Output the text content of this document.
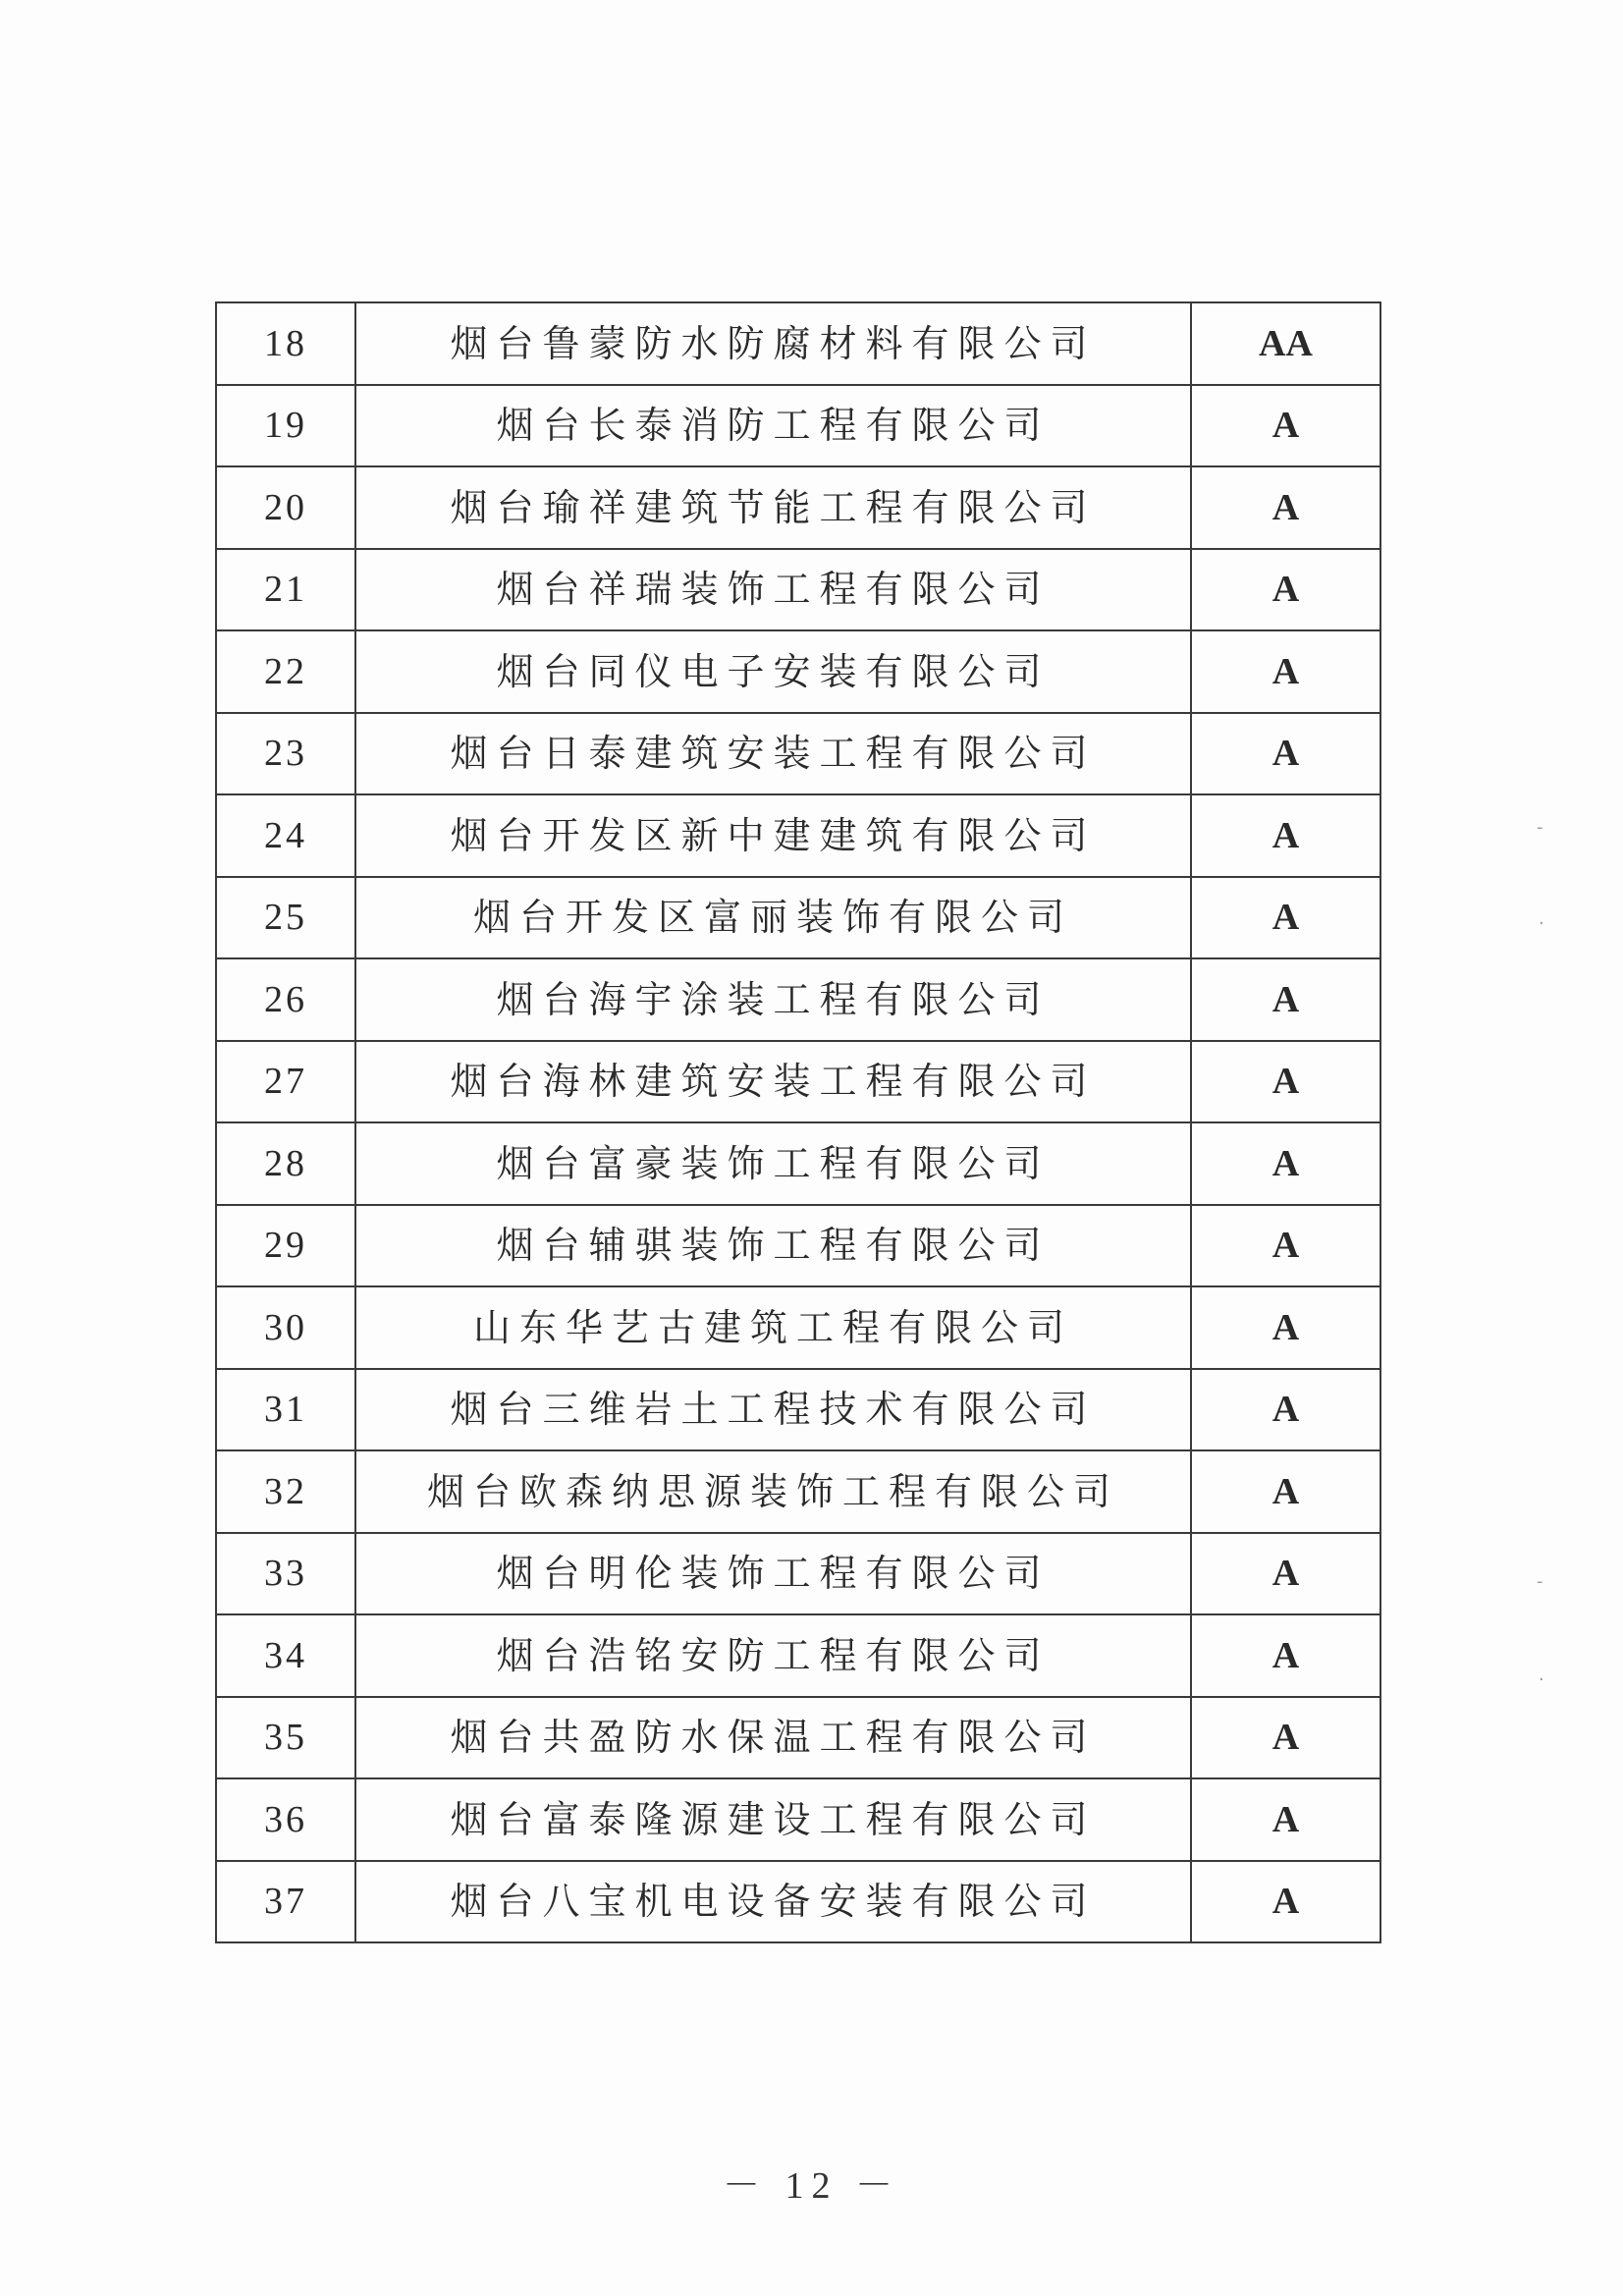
18	烟台鲁蒙防水防腐材料有限公司	AA
19	烟台长泰消防工程有限公司	A
20	烟台瑜祥建筑节能工程有限公司	A
21	烟台祥瑞装饰工程有限公司	A
22	烟台同仪电子安装有限公司	A
23	烟台日泰建筑安装工程有限公司	A
24	烟台开发区新中建建筑有限公司	A
25	烟台开发区富丽装饰有限公司	A
26	烟台海宇涂装工程有限公司	A
27	烟台海林建筑安装工程有限公司	A
28	烟台富豪装饰工程有限公司	A
29	烟台辅骐装饰工程有限公司	A
30	山东华艺古建筑工程有限公司	A
31	烟台三维岩土工程技术有限公司	A
32	烟台欧森纳思源装饰工程有限公司	A
33	烟台明伦装饰工程有限公司	A
34	烟台浩铭安防工程有限公司	A
35	烟台共盈防水保温工程有限公司	A
36	烟台富泰隆源建设工程有限公司	A
37	烟台八宝机电设备安装有限公司	A
-
·
-
·
－ 12 －
